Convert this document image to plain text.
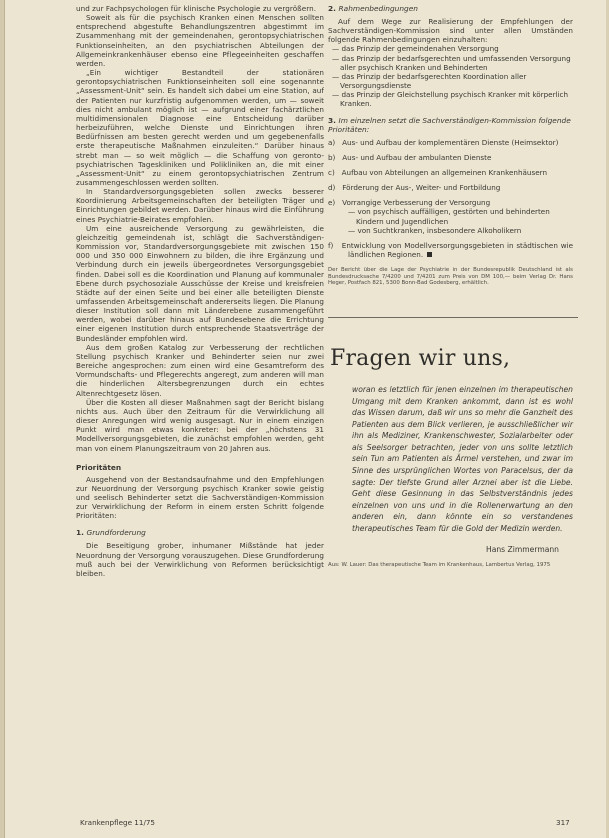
und zur Fachpsychologen für klinische Psychologie zu vergrößern.

Soweit als für die psychisch Kranken einen Menschen sollten entsprechend abgestufte Behandlungszentren abgestimmt im Zusammenhang mit der gemeindenahen, gerontopsychiatrischen Funktionseinheiten, an den psychiatrischen Abteilungen der Allgemeinkrankenhäuser ebenso eine Pflegeeinheiten geschaffen werden.

„Ein wichtiger Bestandteil der stationären gerontopsychiatrischen Funktionseinheiten soll eine sogenannte „Assessment-Unit“ sein. Es handelt sich dabei um eine Station, auf der Patienten nur kurzfristig aufgenommen werden, um — soweit dies nicht ambulant möglich ist — aufgrund einer fachärztlichen multidimensionalen Diagnose eine Entscheidung darüber herbeizuführen, welche Dienste und Einrichtungen ihren Bedürfnissen am besten gerecht werden und um gegebenenfalls erste therapeutische Maßnahmen einzuleiten.“ Darüber hinaus strebt man — so weit möglich — die Schaffung von geronto-psychiatrischen Tageskliniken und Polikliniken an, die mit einer „Assessment-Unit“ zu einem gerontopsychiatrischen Zentrum zusammengeschlossen werden sollten.

In Standardversorgungsgebieten sollen zwecks besserer Koordinierung Arbeitsgemeinschaften der beteiligten Träger und Einrichtungen gebildet werden. Darüber hinaus wird die Einführung eines Psychiatrie-Beirates empfohlen.

Um eine ausreichende Versorgung zu gewährleisten, die gleichzeitig gemeindenah ist, schlägt die Sachverständigen-Kommission vor, Standardversorgungsgebiete mit zwischen 150 000 und 350 000 Einwohnern zu bilden, die ihre Ergänzung und Verbindung durch ein jeweils übergeordnetes Versorgungsgebiet finden. Dabei soll es die Koordination und Planung auf kommunaler Ebene durch psychosoziale Ausschüsse der Kreise und kreisfreien Städte auf der einen Seite und bei einer alle beteiligten Dienste umfassenden Arbeitsgemeinschaft andererseits liegen. Die Planung dieser Institution soll dann mit Länderebene zusammengeführt werden, wobei darüber hinaus auf Bundesebene die Errichtung einer eigenen Institution durch entsprechende Staatsverträge der Bundesländer empfohlen wird.

Aus dem großen Katalog zur Verbesserung der rechtlichen Stellung psychisch Kranker und Behinderter seien nur zwei Bereiche angesprochen: zum einen wird eine Gesamtreform des Vormundschafts- und Pflegerechts angeregt, zum anderen will man die hinderlichen Altersbegrenzungen durch ein echtes Altenrechtgesetz lösen.

Über die Kosten all dieser Maßnahmen sagt der Bericht bislang nichts aus. Auch über den Zeitraum für die Verwirklichung all dieser Anregungen wird wenig ausgesagt. Nur in einem einzigen Punkt wird man etwas konkreter: bei der „höchstens 31 Modellversorgungsgebieten, die zunächst empfohlen werden, geht man von einem Planungszeitraum von 20 Jahren aus.

Prioritäten

Ausgehend von der Bestandsaufnahme und den Empfehlungen zur Neuordnung der Versorgung psychisch Kranker sowie geistig und seelisch Behinderter setzt die Sachverständigen-Kommission zur Verwirklichung der Reform in einem ersten Schritt folgende Prioritäten:

1. Grundforderung

Die Beseitigung grober, inhumaner Mißstände hat jeder Neuordnung der Versorgung vorauszugehen. Diese Grundforderung muß auch bei der Verwirklichung von Reformen berücksichtigt bleiben.

Krankenpflege 11/75

2. Rahmenbedingungen

Auf dem Wege zur Realisierung der Empfehlungen der Sachverständigen-Kommission sind unter allen Umständen folgende Rahmenbedingungen einzuhalten:

— das Prinzip der gemeindenahen Versorgung

— das Prinzip der bedarfsgerechten und umfassenden Versorgung aller psychisch Kranken und Behinderten

— das Prinzip der bedarfsgerechten Koordination aller Versorgungsdienste

— das Prinzip der Gleichstellung psychisch Kranker mit körperlich Kranken.

3. Im einzelnen setzt die Sachverständigen-Kommission folgende Prioritäten:

a) Aus- und Aufbau der komplementären Dienste (Heimsektor)

b) Aus- und Aufbau der ambulanten Dienste

c) Aufbau von Abteilungen an allgemeinen Krankenhäusern

d) Förderung der Aus-, Weiter- und Fortbildung

e) Vorrangige Verbesserung der Versorgung

— von psychisch auffälligen, gestörten und behinderten Kindern und Jugendlichen

— von Suchtkranken, insbesondere Alkoholikern

f) Entwicklung von Modellversorgungsgebieten in städtischen wie ländlichen Regionen.

Der Bericht über die Lage der Psychiatrie in der Bundesrepublik Deutschland ist als Bundesdrucksache 7/4200 und 7/4201 zum Preis von DM 100,— beim Verlag Dr. Hans Heger, Postfach 821, 5300 Bonn-Bad Godesberg, erhältlich.

Fragen wir uns,

woran es letztlich für jenen einzelnen im therapeutischen Umgang mit dem Kranken ankommt, dann ist es wohl das Wissen darum, daß wir uns so mehr die Ganzheit des Patienten aus dem Blick verlieren, je ausschließlicher wir ihn als Mediziner, Krankenschwester, Sozialarbeiter oder als Seelsorger betrachten, jeder von uns sollte letztlich sein Tun am Patienten als Ärmel verstehen, und zwar im Sinne des ursprünglichen Wortes von Paracelsus, der da sagte: Der tiefste Grund aller Arznei aber ist die Liebe. Geht diese Gesinnung in das Selbstverständnis jedes einzelnen von uns und in die Rollenerwartung an den anderen ein, dann könnte ein so verstandenes therapeutisches Team für die Gold der Medizin werden.

Hans Zimmermann

Aus: W. Lauer: Das therapeutische Team im Krankenhaus, Lambertus Verlag, 1975

317
